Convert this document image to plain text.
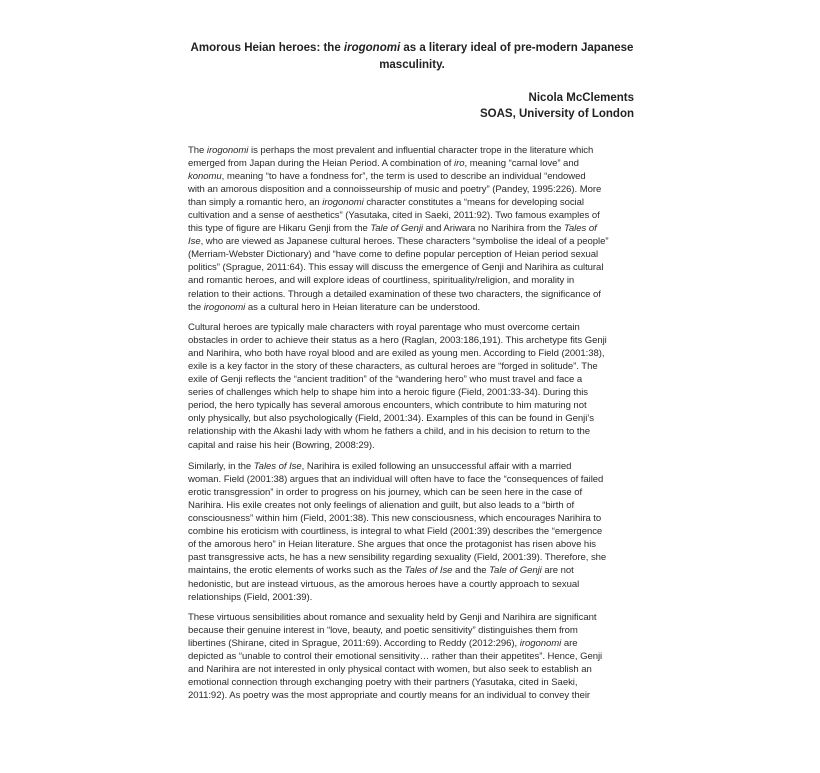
Amorous Heian heroes: the irogonomi as a literary ideal of pre-modern Japanese
masculinity.
Nicola McClements
SOAS, University of London
The irogonomi is perhaps the most prevalent and influential character trope in the literature which
emerged from Japan during the Heian Period. A combination of iro, meaning “carnal love” and
konomu, meaning “to have a fondness for”, the term is used to describe an individual “endowed
with an amorous disposition and a connoisseurship of music and poetry” (Pandey, 1995:226). More
than simply a romantic hero, an irogonomi character constitutes a “means for developing social
cultivation and a sense of aesthetics” (Yasutaka, cited in Saeki, 2011:92). Two famous examples of
this type of figure are Hikaru Genji from the Tale of Genji and Ariwara no Narihira from the Tales of
Ise, who are viewed as Japanese cultural heroes. These characters “symbolise the ideal of a people”
(Merriam-Webster Dictionary) and “have come to define popular perception of Heian period sexual
politics” (Sprague, 2011:64). This essay will discuss the emergence of Genji and Narihira as cultural
and romantic heroes, and will explore ideas of courtliness, spirituality/religion, and morality in
relation to their actions. Through a detailed examination of these two characters, the significance of
the irogonomi as a cultural hero in Heian literature can be understood.
Cultural heroes are typically male characters with royal parentage who must overcome certain
obstacles in order to achieve their status as a hero (Raglan, 2003:186,191). This archetype fits Genji
and Narihira, who both have royal blood and are exiled as young men. According to Field (2001:38),
exile is a key factor in the story of these characters, as cultural heroes are “forged in solitude”. The
exile of Genji reflects the “ancient tradition” of the “wandering hero” who must travel and face a
series of challenges which help to shape him into a heroic figure (Field, 2001:33-34). During this
period, the hero typically has several amorous encounters, which contribute to him maturing not
only physically, but also psychologically (Field, 2001:34). Examples of this can be found in Genji’s
relationship with the Akashi lady with whom he fathers a child, and in his decision to return to the
capital and raise his heir (Bowring, 2008:29).
Similarly, in the Tales of Ise, Narihira is exiled following an unsuccessful affair with a married
woman. Field (2001:38) argues that an individual will often have to face the “consequences of failed
erotic transgression” in order to progress on his journey, which can be seen here in the case of
Narihira. His exile creates not only feelings of alienation and guilt, but also leads to a “birth of
consciousness” within him (Field, 2001:38). This new consciousness, which encourages Narihira to
combine his eroticism with courtliness, is integral to what Field (2001:39) describes the “emergence
of the amorous hero” in Heian literature. She argues that once the protagonist has risen above his
past transgressive acts, he has a new sensibility regarding sexuality (Field, 2001:39). Therefore, she
maintains, the erotic elements of works such as the Tales of Ise and the Tale of Genji are not
hedonistic, but are instead virtuous, as the amorous heroes have a courtly approach to sexual
relationships (Field, 2001:39).
These virtuous sensibilities about romance and sexuality held by Genji and Narihira are significant
because their genuine interest in “love, beauty, and poetic sensitivity” distinguishes them from
libertines (Shirane, cited in Sprague, 2011:69). According to Reddy (2012:296), irogonomi are
depicted as “unable to control their emotional sensitivity… rather than their appetites”. Hence, Genji
and Narihira are not interested in only physical contact with women, but also seek to establish an
emotional connection through exchanging poetry with their partners (Yasutaka, cited in Saeki,
2011:92). As poetry was the most appropriate and courtly means for an individual to convey their
